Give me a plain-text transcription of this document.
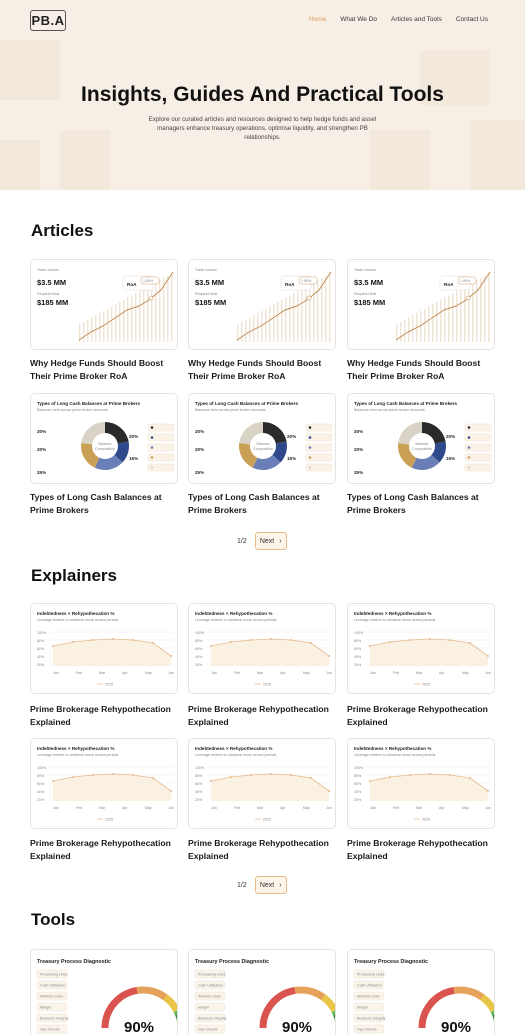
PB.A	Home What We Do Articles and Tools Contact Us
Insights, Guides And Practical Tools
Explore our curated articles and resources designed to help hedge funds and asset managers enhance treasury operations, optimise liquidity, and strengthen PB relationships.
Articles
Trade volume
$3.5 MM
Required float
$185 MM
RoA
1.89%
Why Hedge Funds Should Boost Their Prime Broker RoA
Trade volume
$3.5 MM
Required float
$185 MM
RoA
1.89%
Why Hedge Funds Should Boost Their Prime Broker RoA
Trade volume
$3.5 MM
Required float
$185 MM
RoA
1.89%
Why Hedge Funds Should Boost Their Prime Broker RoA
Types of Long Cash Balances at Prime Brokers
Balances held across prime broker accounts
Balance
Composition
20%
20%
25%
20%
15%
Types of Long Cash Balances at Prime Brokers
Types of Long Cash Balances at Prime Brokers
Balances held across prime broker accounts
Balance
Composition
20%
20%
25%
20%
15%
Types of Long Cash Balances at Prime Brokers
Types of Long Cash Balances at Prime Brokers
Balances held across prime broker accounts
Balance
Composition
20%
20%
25%
20%
15%
Types of Long Cash Balances at Prime Brokers
1/2 Next ›
Explainers
Indebtedness × Rehypothecation %
Leverage relative to collateral reuse across periods
100%
80%
60%
40%
20%
Jan	Feb	Mar	Apr	May	Jun
2025
Prime Brokerage Rehypothecation Explained
Indebtedness × Rehypothecation %
Leverage relative to collateral reuse across periods
100%
80%
60%
40%
20%
Jan	Feb	Mar	Apr	May	Jun
2025
Prime Brokerage Rehypothecation Explained
Indebtedness × Rehypothecation %
Leverage relative to collateral reuse across periods
100%
80%
60%
40%
20%
Jan	Feb	Mar	Apr	May	Jun
2025
Prime Brokerage Rehypothecation Explained
Indebtedness × Rehypothecation %
Leverage relative to collateral reuse across periods
100%
80%
60%
40%
20%
Jan	Feb	Mar	Apr	May	Jun
2025
Prime Brokerage Rehypothecation Explained
Indebtedness × Rehypothecation %
Leverage relative to collateral reuse across periods
100%
80%
60%
40%
20%
Jan	Feb	Mar	Apr	May	Jun
2025
Prime Brokerage Rehypothecation Explained
Indebtedness × Rehypothecation %
Leverage relative to collateral reuse across periods
100%
80%
60%
40%
20%
Jan	Feb	Mar	Apr	May	Jun
2025
Prime Brokerage Rehypothecation Explained
1/2 Next ›
Tools
Treasury Process Diagnostic
Processing Lines
Cash Utilisation
Whitelist Links
Margin
Business Integrity
Ops Checks	90%
Treasury Process Diagnostic
Processing Lines
Cash Utilisation
Whitelist Links
Margin
Business Integrity
Ops Checks	90%
Treasury Process Diagnostic
Processing Lines
Cash Utilisation
Whitelist Links
Margin
Business Integrity
Ops Checks	90%
